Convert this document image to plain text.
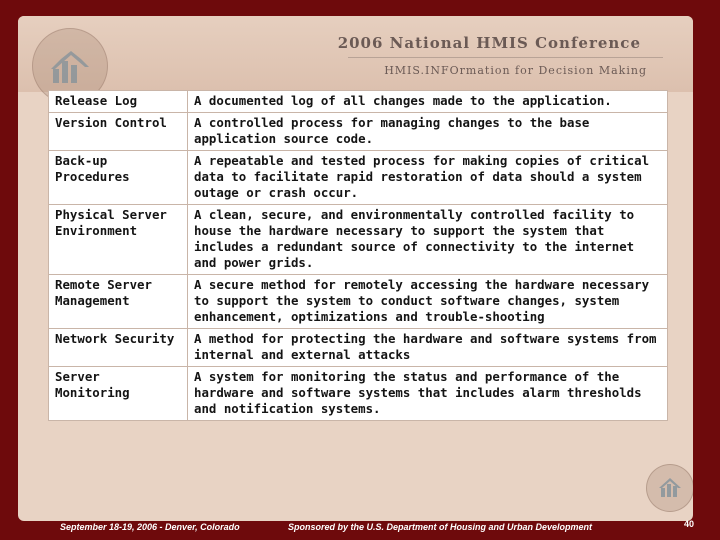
2006 National HMIS Conference
HMIS.INFOrmation for Decision Making
Release Log	A documented log of all changes made to the application.
Version Control	A controlled process for managing changes to the base application source code.
Back-up Procedures	A repeatable and tested process for making copies of critical data to facilitate rapid restoration of data should a system outage or crash occur.
Physical Server Environment	A clean, secure, and environmentally controlled facility to house the hardware necessary to support the system that includes a redundant source of connectivity to the internet and power grids.
Remote Server Management	A secure method for remotely accessing the hardware necessary to support the system to conduct software changes, system enhancement, optimizations and trouble-shooting
Network Security	A method for protecting the hardware and software systems from internal and external attacks
Server Monitoring	A system for monitoring the status and performance of the hardware and software systems that includes alarm thresholds and notification systems.
September 18-19, 2006 - Denver, Colorado	Sponsored by the U.S. Department of Housing and Urban Development	40
